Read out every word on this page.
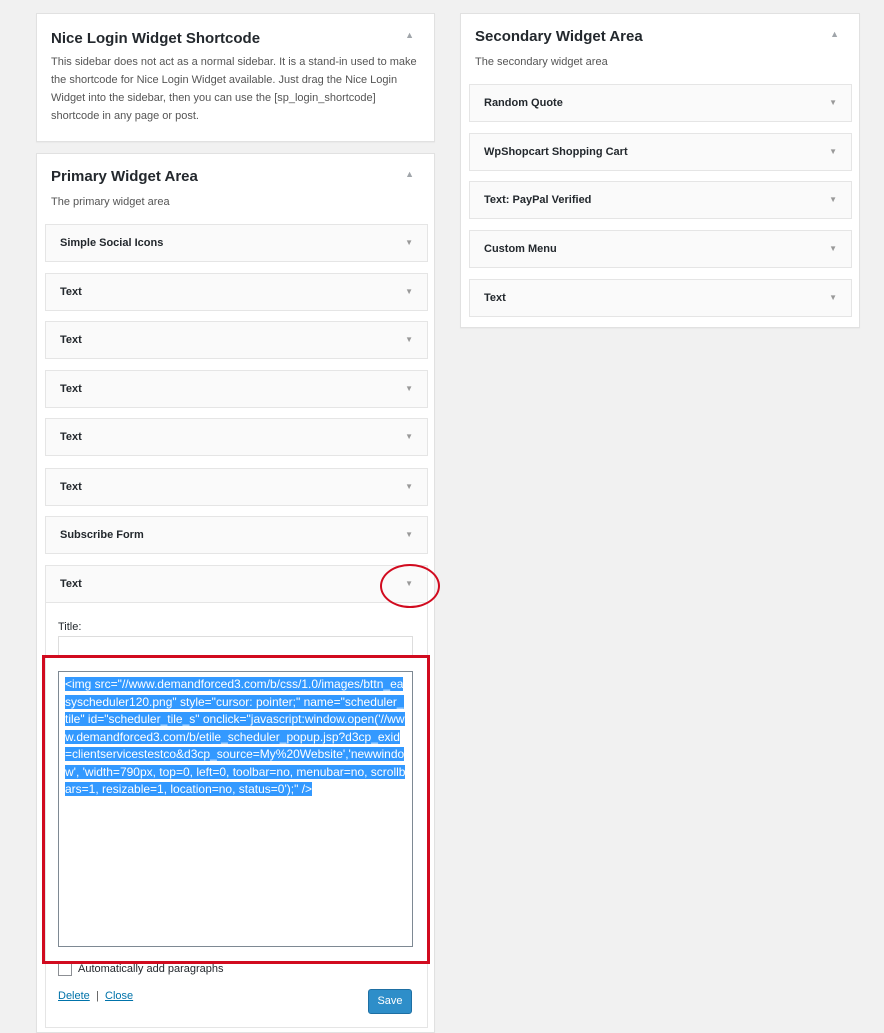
Nice Login Widget Shortcode	▲
This sidebar does not act as a normal sidebar. It is a stand-in used to make the shortcode for Nice Login Widget available. Just drag the Nice Login Widget into the sidebar, then you can use the [sp_login_shortcode] shortcode in any page or post.
Primary Widget Area	▲
The primary widget area
Simple Social Icons	▼
Text	▼
Text	▼
Text	▼
Text	▼
Text	▼
Subscribe Form	▼
Text	▼
Title:
<img src="//www.demandforced3.com/b/css/1.0/images/bttn_easyscheduler120.png" style="cursor: pointer;" name="scheduler_tile" id="scheduler_tile_s" onclick="javascript:window.open('//www.demandforced3.com/b/etile_scheduler_popup.jsp?d3cp_exid=clientservicestestco&d3cp_source=My%20Website','newwindow', 'width=790px, top=0, left=0, toolbar=no, menubar=no, scrollbars=1, resizable=1, location=no, status=0');" />
Automatically add paragraphs
Delete | Close	Save
Secondary Widget Area	▲
The secondary widget area
Random Quote	▼
WpShopcart Shopping Cart	▼
Text: PayPal Verified	▼
Custom Menu	▼
Text	▼
